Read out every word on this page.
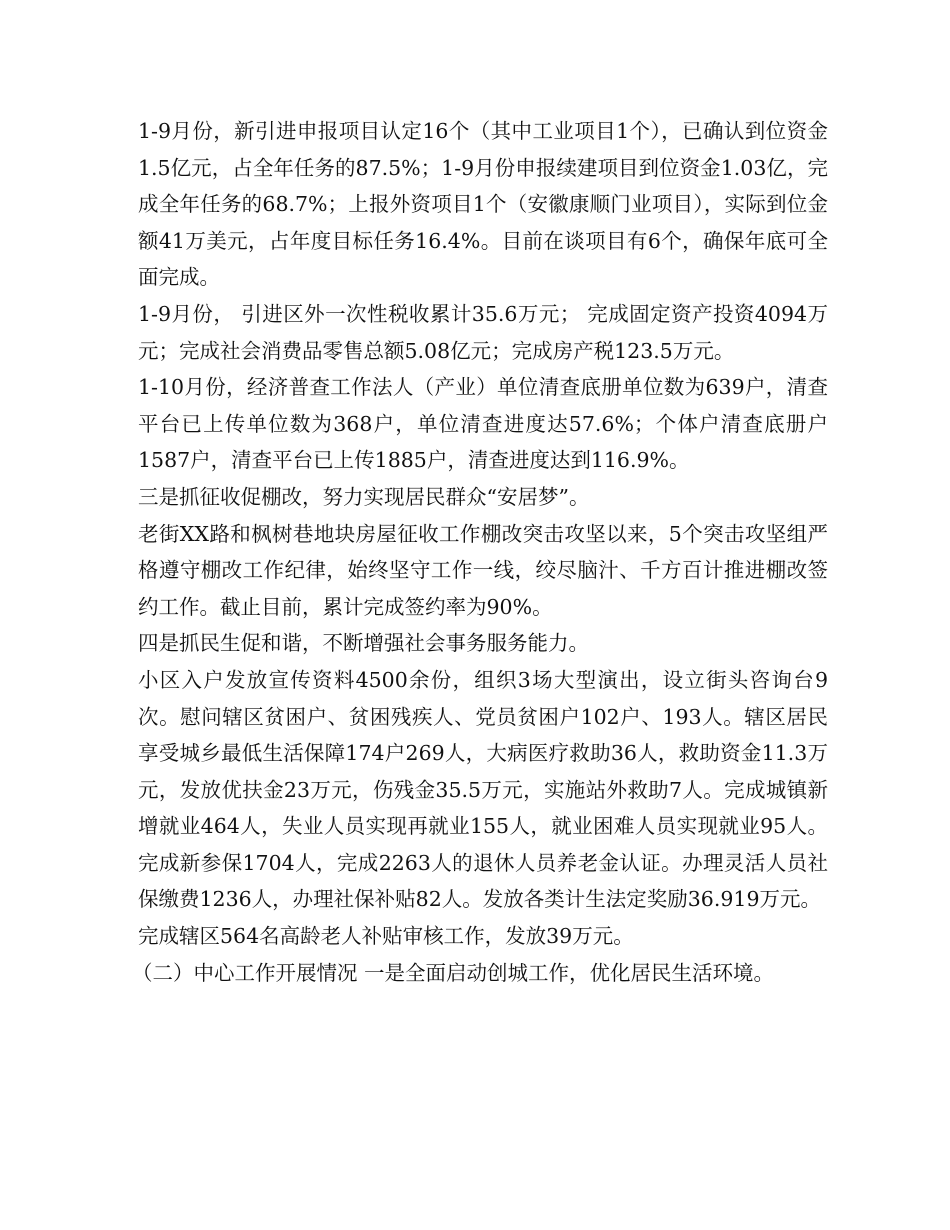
1-9月份，新引进申报项目认定16个（其中工业项目1个），已确认到位资金1.5亿元，占全年任务的87.5%；1-9月份申报续建项目到位资金1.03亿，完成全年任务的68.7%；上报外资项目1个（安徽康顺门业项目），实际到位金额41万美元，占年度目标任务16.4%。目前在谈项目有6个，确保年底可全面完成。

1-9月份， 引进区外一次性税收累计35.6万元； 完成固定资产投资4094万元；完成社会消费品零售总额5.08亿元；完成房产税123.5万元。

1-10月份，经济普查工作法人（产业）单位清查底册单位数为639户，清查平台已上传单位数为368户，单位清查进度达57.6%；个体户清查底册户1587户，清查平台已上传1885户，清查进度达到116.9%。

三是抓征收促棚改，努力实现居民群众“安居梦”。

老街XX路和枫树巷地块房屋征收工作棚改突击攻坚以来，5个突击攻坚组严格遵守棚改工作纪律，始终坚守工作一线，绞尽脑汁、千方百计推进棚改签约工作。截止目前，累计完成签约率为90%。

四是抓民生促和谐，不断增强社会事务服务能力。

小区入户发放宣传资料4500余份，组织3场大型演出，设立街头咨询台9次。慰问辖区贫困户、贫困残疾人、党员贫困户102户、193人。辖区居民享受城乡最低生活保障174户269人，大病医疗救助36人，救助资金11.3万元，发放优扶金23万元，伤残金35.5万元，实施站外救助7人。完成城镇新增就业464人，失业人员实现再就业155人，就业困难人员实现就业95人。完成新参保1704人，完成2263人的退休人员养老金认证。办理灵活人员社保缴费1236人，办理社保补贴82人。发放各类计生法定奖励36.919万元。

完成辖区564名高龄老人补贴审核工作，发放39万元。

（二）中心工作开展情况 一是全面启动创城工作，优化居民生活环境。
